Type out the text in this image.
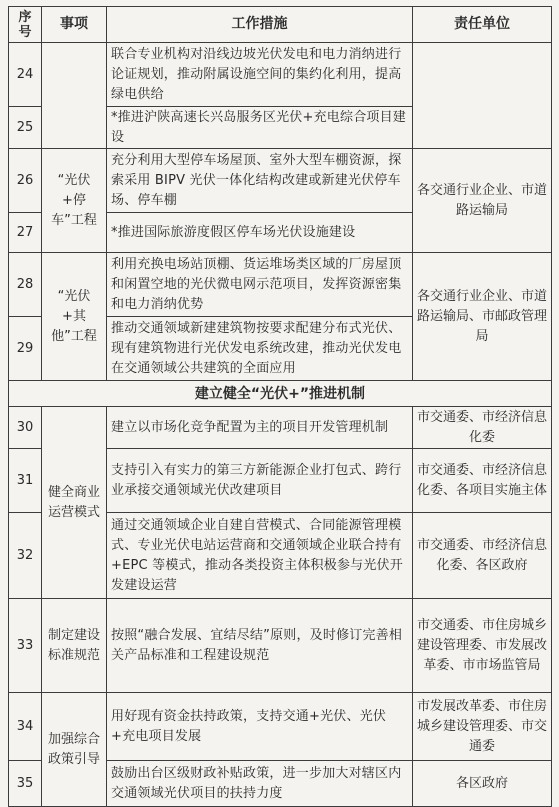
序号	事项	工作措施	责任单位
24		联合专业机构对沿线边坡光伏发电和电力消纳进行论证规划，推动附属设施空间的集约化利用，提高绿电供给	
25		*推进沪陕高速长兴岛服务区光伏+充电综合项目建设	
26	“光伏+停车”工程	充分利用大型停车场屋顶、室外大型车棚资源，探索采用 BIPV 光伏一体化结构改建或新建光伏停车场、停车棚	各交通行业企业、市道路运输局
27		*推进国际旅游度假区停车场光伏设施建设	
28	“光伏+其他”工程	利用充换电场站顶棚、货运堆场类区域的厂房屋顶和闲置空地的光伏微电网示范项目，发挥资源密集和电力消纳优势	各交通行业企业、市道路运输局、市邮政管理局
29		推动交通领域新建建筑物按要求配建分布式光伏、现有建筑物进行光伏发电系统改建，推动光伏发电在交通领域公共建筑的全面应用	
建立健全“光伏+”推进机制			
30	健全商业运营模式	建立以市场化竞争配置为主的项目开发管理机制	市交通委、市经济信息化委
31		支持引入有实力的第三方新能源企业打包式、跨行业承接交通领域光伏改建项目	市交通委、市经济信息化委、各项目实施主体
32		通过交通领域企业自建自营模式、合同能源管理模式、专业光伏电站运营商和交通领域企业联合持有+EPC 等模式，推动各类投资主体积极参与光伏开发建设运营	市交通委、市经济信息化委、各区政府
33	制定建设标准规范	按照“融合发展、宜结尽结”原则，及时修订完善相关产品标准和工程建设规范	市交通委、市住房城乡建设管理委、市发展改革委、市市场监管局
34	加强综合政策引导	用好现有资金扶持政策，支持交通+光伏、光伏+充电项目发展	市发展改革委、市住房城乡建设管理委、市交通委
35		鼓励出台区级财政补贴政策，进一步加大对辖区内交通领域光伏项目的扶持力度	各区政府
